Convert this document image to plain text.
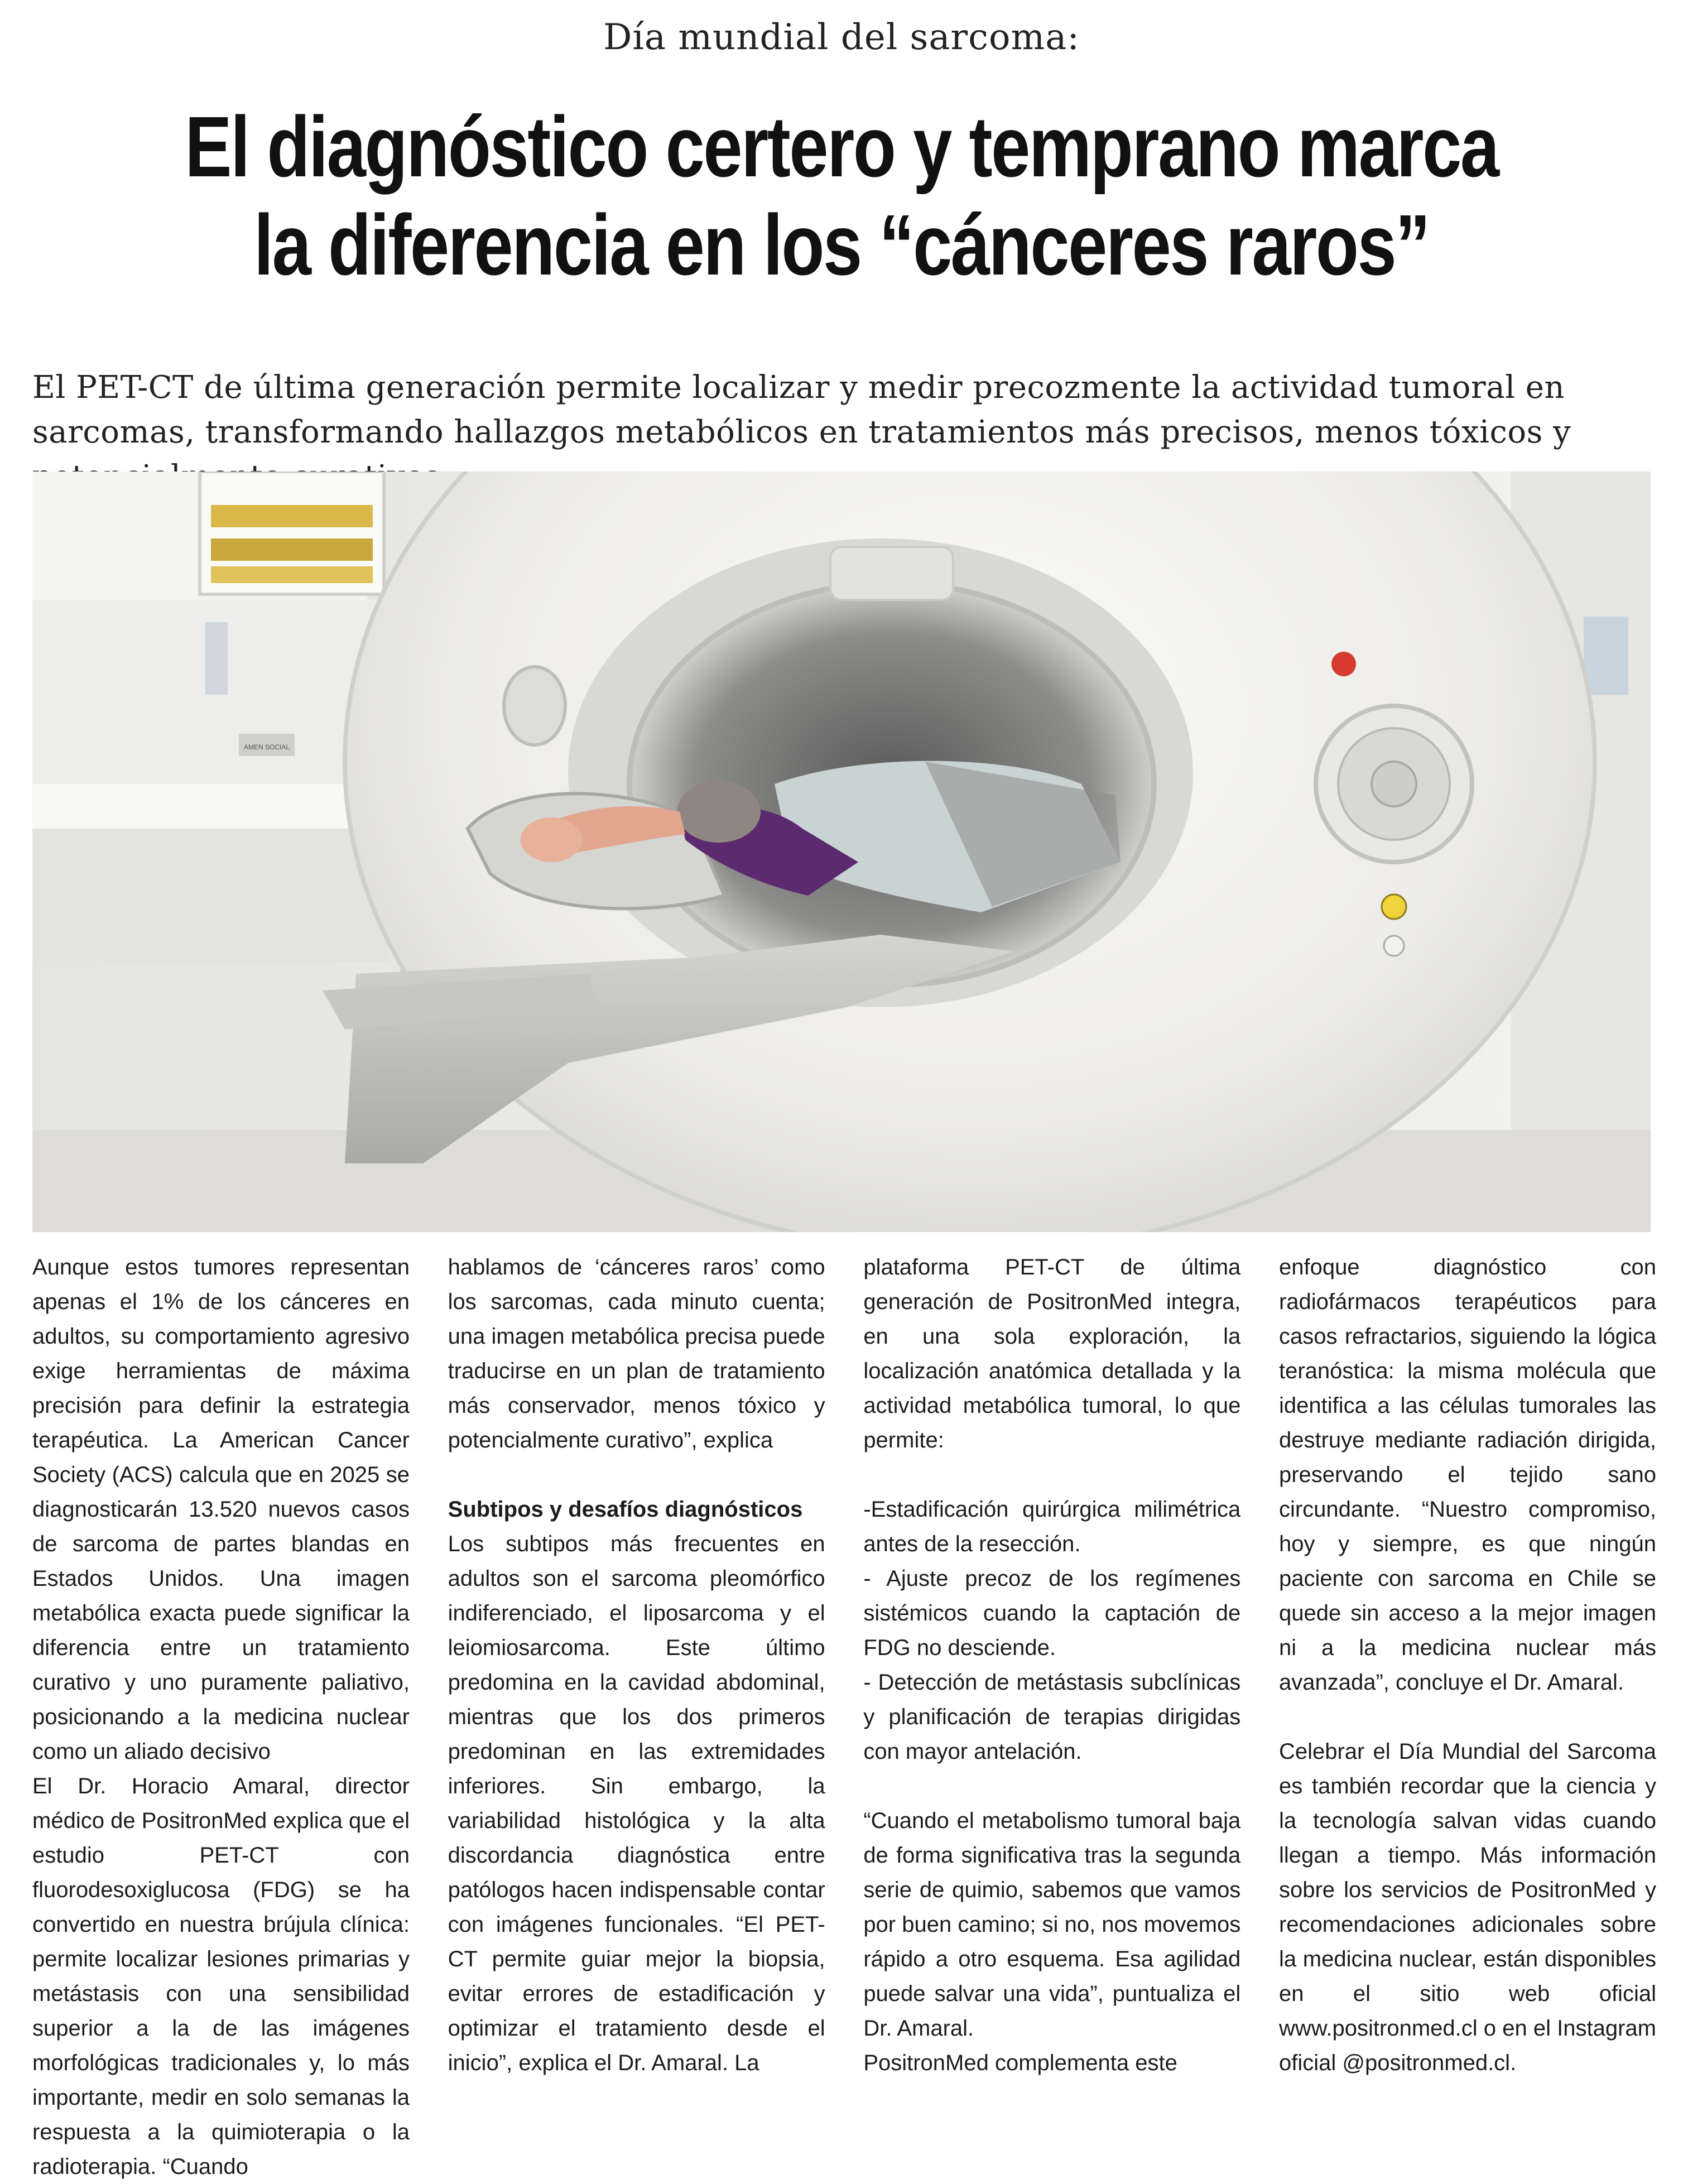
Día mundial del sarcoma:
El diagnóstico certero y temprano marca
la diferencia en los “cánceres raros”
El PET-CT de última generación permite localizar y medir precozmente la actividad tumoral en sarcomas, transformando hallazgos metabólicos en tratamientos más precisos, menos tóxicos y
AMEN SOCIAL

Aunque estos tumores representan apenas el 1% de los cánceres en adultos, su comportamiento agresivo exige herramientas de máxima precisión para definir la estrategia terapéutica. La American Cancer Society (ACS) calcula que en 2025 se diagnosticarán 13.520 nuevos casos de sarcoma de partes blandas en Estados Unidos. Una imagen metabólica exacta puede significar la diferencia entre un tratamiento curativo y uno puramente paliativo, posicionando a la medicina nuclear como un aliado decisivo

El Dr. Horacio Amaral, director médico de PositronMed explica que el estudio PET-CT con fluorodesoxiglucosa (FDG) se ha convertido en nuestra brújula clínica: permite localizar lesiones primarias y metástasis con una sensibilidad superior a la de las imágenes morfológicas tradicionales y, lo más importante, medir en solo semanas la respuesta a la quimioterapia o la radioterapia. “Cuando

hablamos de ‘cánceres raros’ como los sarcomas, cada minuto cuenta; una imagen metabólica precisa puede traducirse en un plan de tratamiento más conservador, menos tóxico y potencialmente curativo”, explica

Subtipos y desafíos diagnósticos

Los subtipos más frecuentes en adultos son el sarcoma pleomórfico indiferenciado, el liposarcoma y el leiomiosarcoma. Este último predomina en la cavidad abdominal, mientras que los dos primeros predominan en las extremidades inferiores. Sin embargo, la variabilidad histológica y la alta discordancia diagnóstica entre patólogos hacen indispensable contar con imágenes funcionales. “El PET-CT permite guiar mejor la biopsia, evitar errores de estadificación y optimizar el tratamiento desde el inicio”, explica el Dr. Amaral. La

plataforma PET-CT de última generación de PositronMed integra, en una sola exploración, la localización anatómica detallada y la actividad metabólica tumoral, lo que permite:

-Estadificación quirúrgica milimétrica antes de la resección.

- Ajuste precoz de los regímenes sistémicos cuando la captación de FDG no desciende.

- Detección de metástasis subclínicas y planificación de terapias dirigidas con mayor antelación.

“Cuando el metabolismo tumoral baja de forma significativa tras la segunda serie de quimio, sabemos que vamos por buen camino; si no, nos movemos rápido a otro esquema. Esa agilidad puede salvar una vida”, puntualiza el Dr. Amaral.

PositronMed complementa este

enfoque diagnóstico con radiofármacos terapéuticos para casos refractarios, siguiendo la lógica teranóstica: la misma molécula que identifica a las células tumorales las destruye mediante radiación dirigida, preservando el tejido sano circundante. “Nuestro compromiso, hoy y siempre, es que ningún paciente con sarcoma en Chile se quede sin acceso a la mejor imagen ni a la medicina nuclear más avanzada”, concluye el Dr. Amaral.

Celebrar el Día Mundial del Sarcoma es también recordar que la ciencia y la tecnología salvan vidas cuando llegan a tiempo. Más información sobre los servicios de PositronMed y recomendaciones adicionales sobre la medicina nuclear, están disponibles en el sitio web oficial www.positronmed.cl o en el Instagram oficial @positronmed.cl.
